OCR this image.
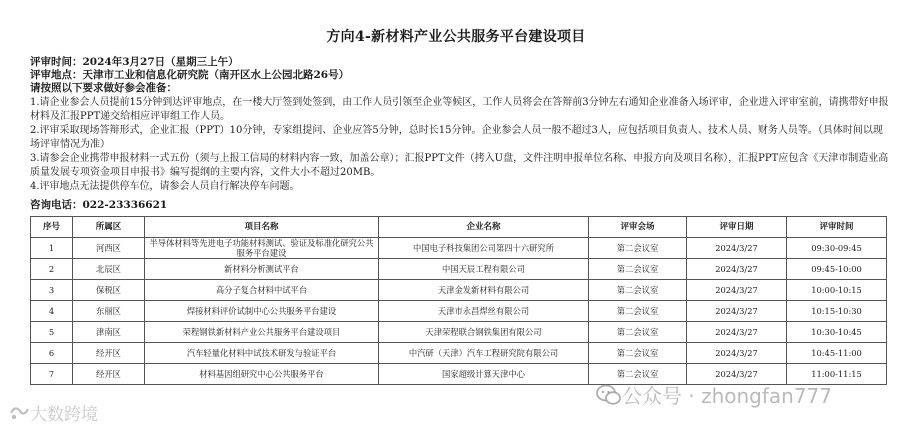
方向4-新材料产业公共服务平台建设项目
评审时间：2024年3月27日（星期三上午）
评审地点：天津市工业和信息化研究院（南开区水上公园北路26号）
请按照以下要求做好参会准备：

1.请企业参会人员提前15分钟到达评审地点，在一楼大厅签到处签到，由工作人员引领至企业等候区，工作人员将会在答辩前3分钟左右通知企业准备入场评审，企业进入评审室前，请携带好申报材料及汇报PPT递交给相应评审组工作人员。

2.评审采取现场答辩形式，企业汇报（PPT）10分钟，专家组提问、企业应答5分钟，总时长15分钟。企业参会人员一般不超过3人，应包括项目负责人、技术人员、财务人员等。（具体时间以现场评审情况为准）

3.请参会企业携带申报材料一式五份（须与上报工信局的材料内容一致，加盖公章）；汇报PPT文件（拷入U盘，文件注明申报单位名称、申报方向及项目名称），汇报PPT应包含《天津市制造业高质量发展专项资金项目申报书》编写提纲的主要内容，文件大小不超过20MB。

4.评审地点无法提供停车位，请参会人员自行解决停车问题。

咨询电话：022-23336621
序号	所属区	项目名称	企业名称	评审会场	评审日期	评审时间
1	河西区	半导体材料等先进电子功能材料测试、验证及标准化研究公共服务平台建设	中国电子科技集团公司第四十六研究所	第二会议室	2024/3/27	09:30-09:45
2	北辰区	新材料分析测试平台	中国天辰工程有限公司	第二会议室	2024/3/27	09:45-10:00
3	保税区	高分子复合材料中试平台	天津金发新材料有限公司	第二会议室	2024/3/27	10:00-10:15
4	东丽区	焊接材料评价试制中心公共服务平台建设	天津市永昌焊丝有限公司	第二会议室	2024/3/27	10:15-10:30
5	津南区	荣程钢铁新材料产业公共服务平台建设项目	天津荣程联合钢铁集团有限公司	第二会议室	2024/3/27	10:30-10:45
6	经开区	汽车轻量化材料中试技术研发与验证平台	中汽研（天津）汽车工程研究院有限公司	第二会议室	2024/3/27	10:45-11:00
7	经开区	材料基因组研究中心公共服务平台	国家超级计算天津中心	第二会议室	2024/3/27	11:00-11:15
大数跨境
公众号 · zhongfan777
